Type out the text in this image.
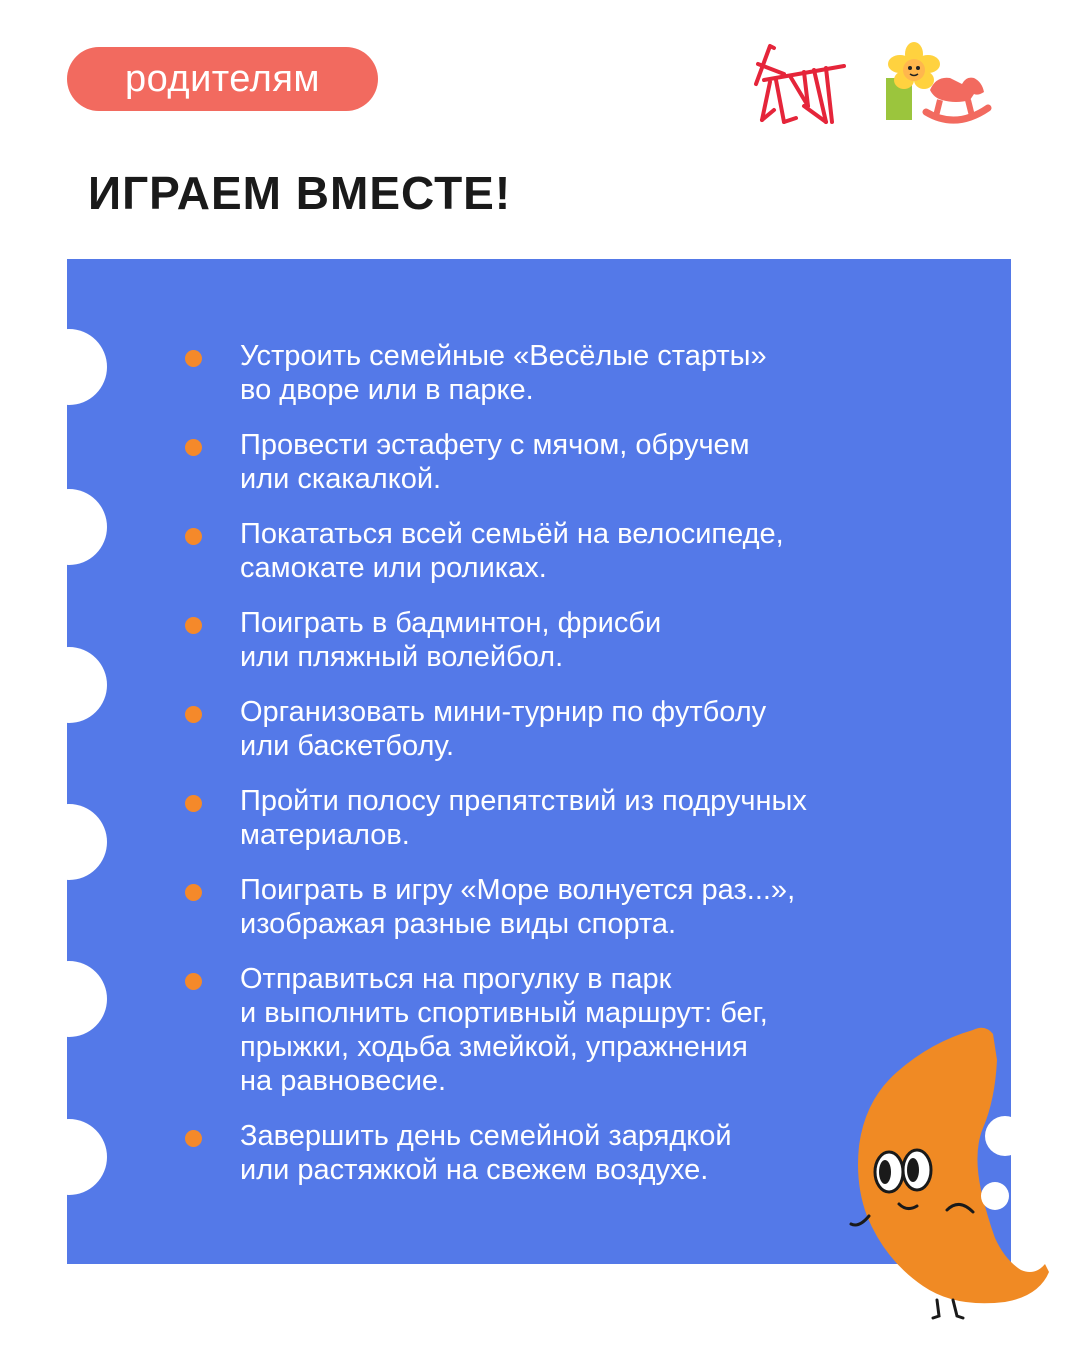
родителям
ИГРАЕМ ВМЕСТЕ!
Устроить семейные «Весёлые старты»
во дворе или в парке.
Провести эстафету с мячом, обручем
или скакалкой.
Покататься всей семьёй на велосипеде,
самокате или роликах.
Поиграть в бадминтон, фрисби
или пляжный волейбол.
Организовать мини-турнир по футболу
или баскетболу.
Пройти полосу препятствий из подручных
материалов.
Поиграть в игру «Море волнуется раз...»,
изображая разные виды спорта.
Отправиться на прогулку в парк
и выполнить спортивный маршрут: бег,
прыжки, ходьба змейкой, упражнения
на равновесие.
Завершить день семейной зарядкой
или растяжкой на свежем воздухе.
